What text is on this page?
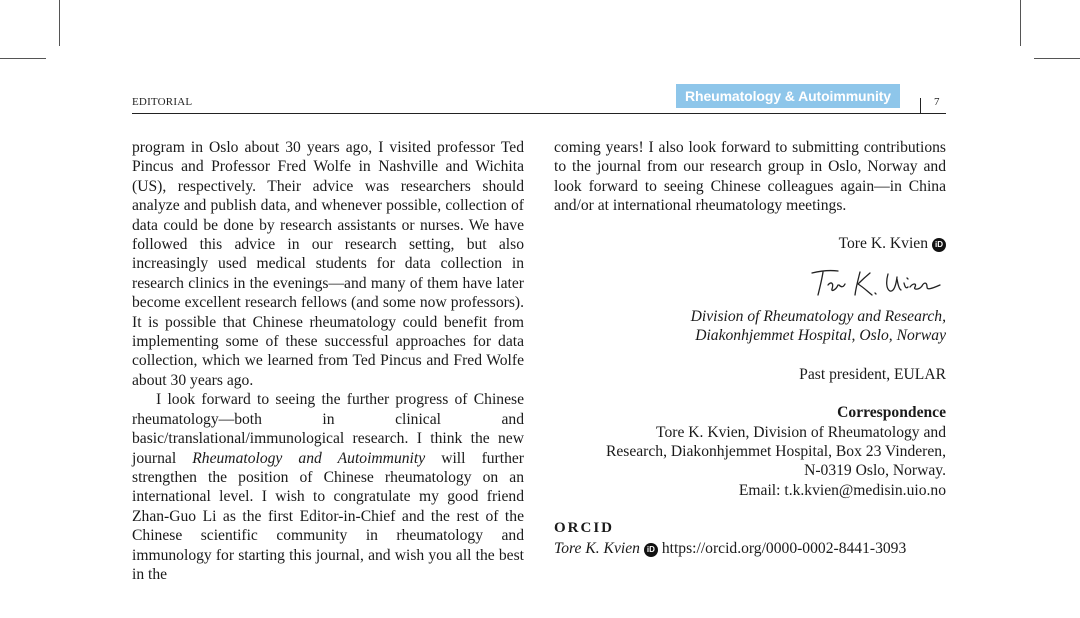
EDITORIAL	Rheumatology & Autoimmunity	7

program in Oslo about 30 years ago, I visited professor Ted Pincus and Professor Fred Wolfe in Nashville and Wichita (US), respectively. Their advice was researchers should analyze and publish data, and whenever possible, collection of data could be done by research assistants or nurses. We have followed this advice in our research setting, but also increasingly used medical students for data collection in research clinics in the evenings—and many of them have later become excellent research fellows (and some now professors). It is possible that Chinese rheumatology could benefit from implementing some of these successful approaches for data collection, which we learned from Ted Pincus and Fred Wolfe about 30 years ago.

I look forward to seeing the further progress of Chinese rheumatology—both in clinical and basic/translational/immunological research. I think the new journal Rheumatology and Autoimmunity will further strengthen the position of Chinese rheumatology on an international level. I wish to congratulate my good friend Zhan-Guo Li as the first Editor-in-Chief and the rest of the Chinese scientific community in rheumatology and immunology for starting this journal, and wish you all the best in the

coming years! I also look forward to submitting contributions to the journal from our research group in Oslo, Norway and look forward to seeing Chinese colleagues again—in China and/or at international rheumatology meetings.

Tore K. Kvien iD
Division of Rheumatology and Research,
Diakonhjemmet Hospital, Oslo, Norway
Past president, EULAR
Correspondence
Tore K. Kvien, Division of Rheumatology and
Research, Diakonhjemmet Hospital, Box 23 Vinderen,
N-0319 Oslo, Norway.
Email: t.k.kvien@medisin.uio.no
ORCID
Tore K. Kvien iD https://orcid.org/0000-0002-8441-3093
